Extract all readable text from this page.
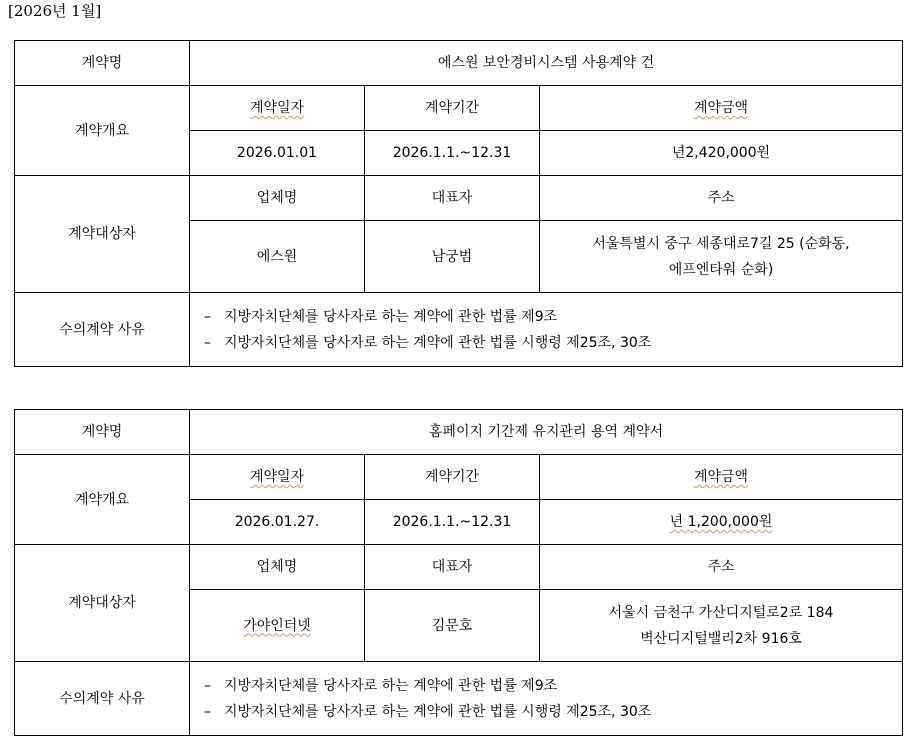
[2026년 1월]
계약명	에스원 보안경비시스템 사용계약 건		
계약개요	계약일자	계약기간	계약금액
	2026.01.01	2026.1.1.~12.31	년2,420,000원
계약대상자	업체명	대표자	주소
	에스원	남궁범	서울특별시 중구 세종대로7길 25 (순화동,
에프엔타워 순화)

수의계약 사유	– 지방자치단체를 당사자로 하는 계약에 관한 법률 제9조
– 지방자치단체를 당사자로 하는 계약에 관한 법률 시행령 제25조, 30조		
계약명	홈페이지 기간제 유지관리 용역 계약서		
계약개요	계약일자	계약기간	계약금액
	2026.01.27.	2026.1.1.~12.31	년 1,200,000원
계약대상자	업체명	대표자	주소
	가야인터넷	김문호	서울시 금천구 가산디지털로2로 184
벽산디지털밸리2차 916호

수의계약 사유	– 지방자치단체를 당사자로 하는 계약에 관한 법률 제9조
– 지방자치단체를 당사자로 하는 계약에 관한 법률 시행령 제25조, 30조		
